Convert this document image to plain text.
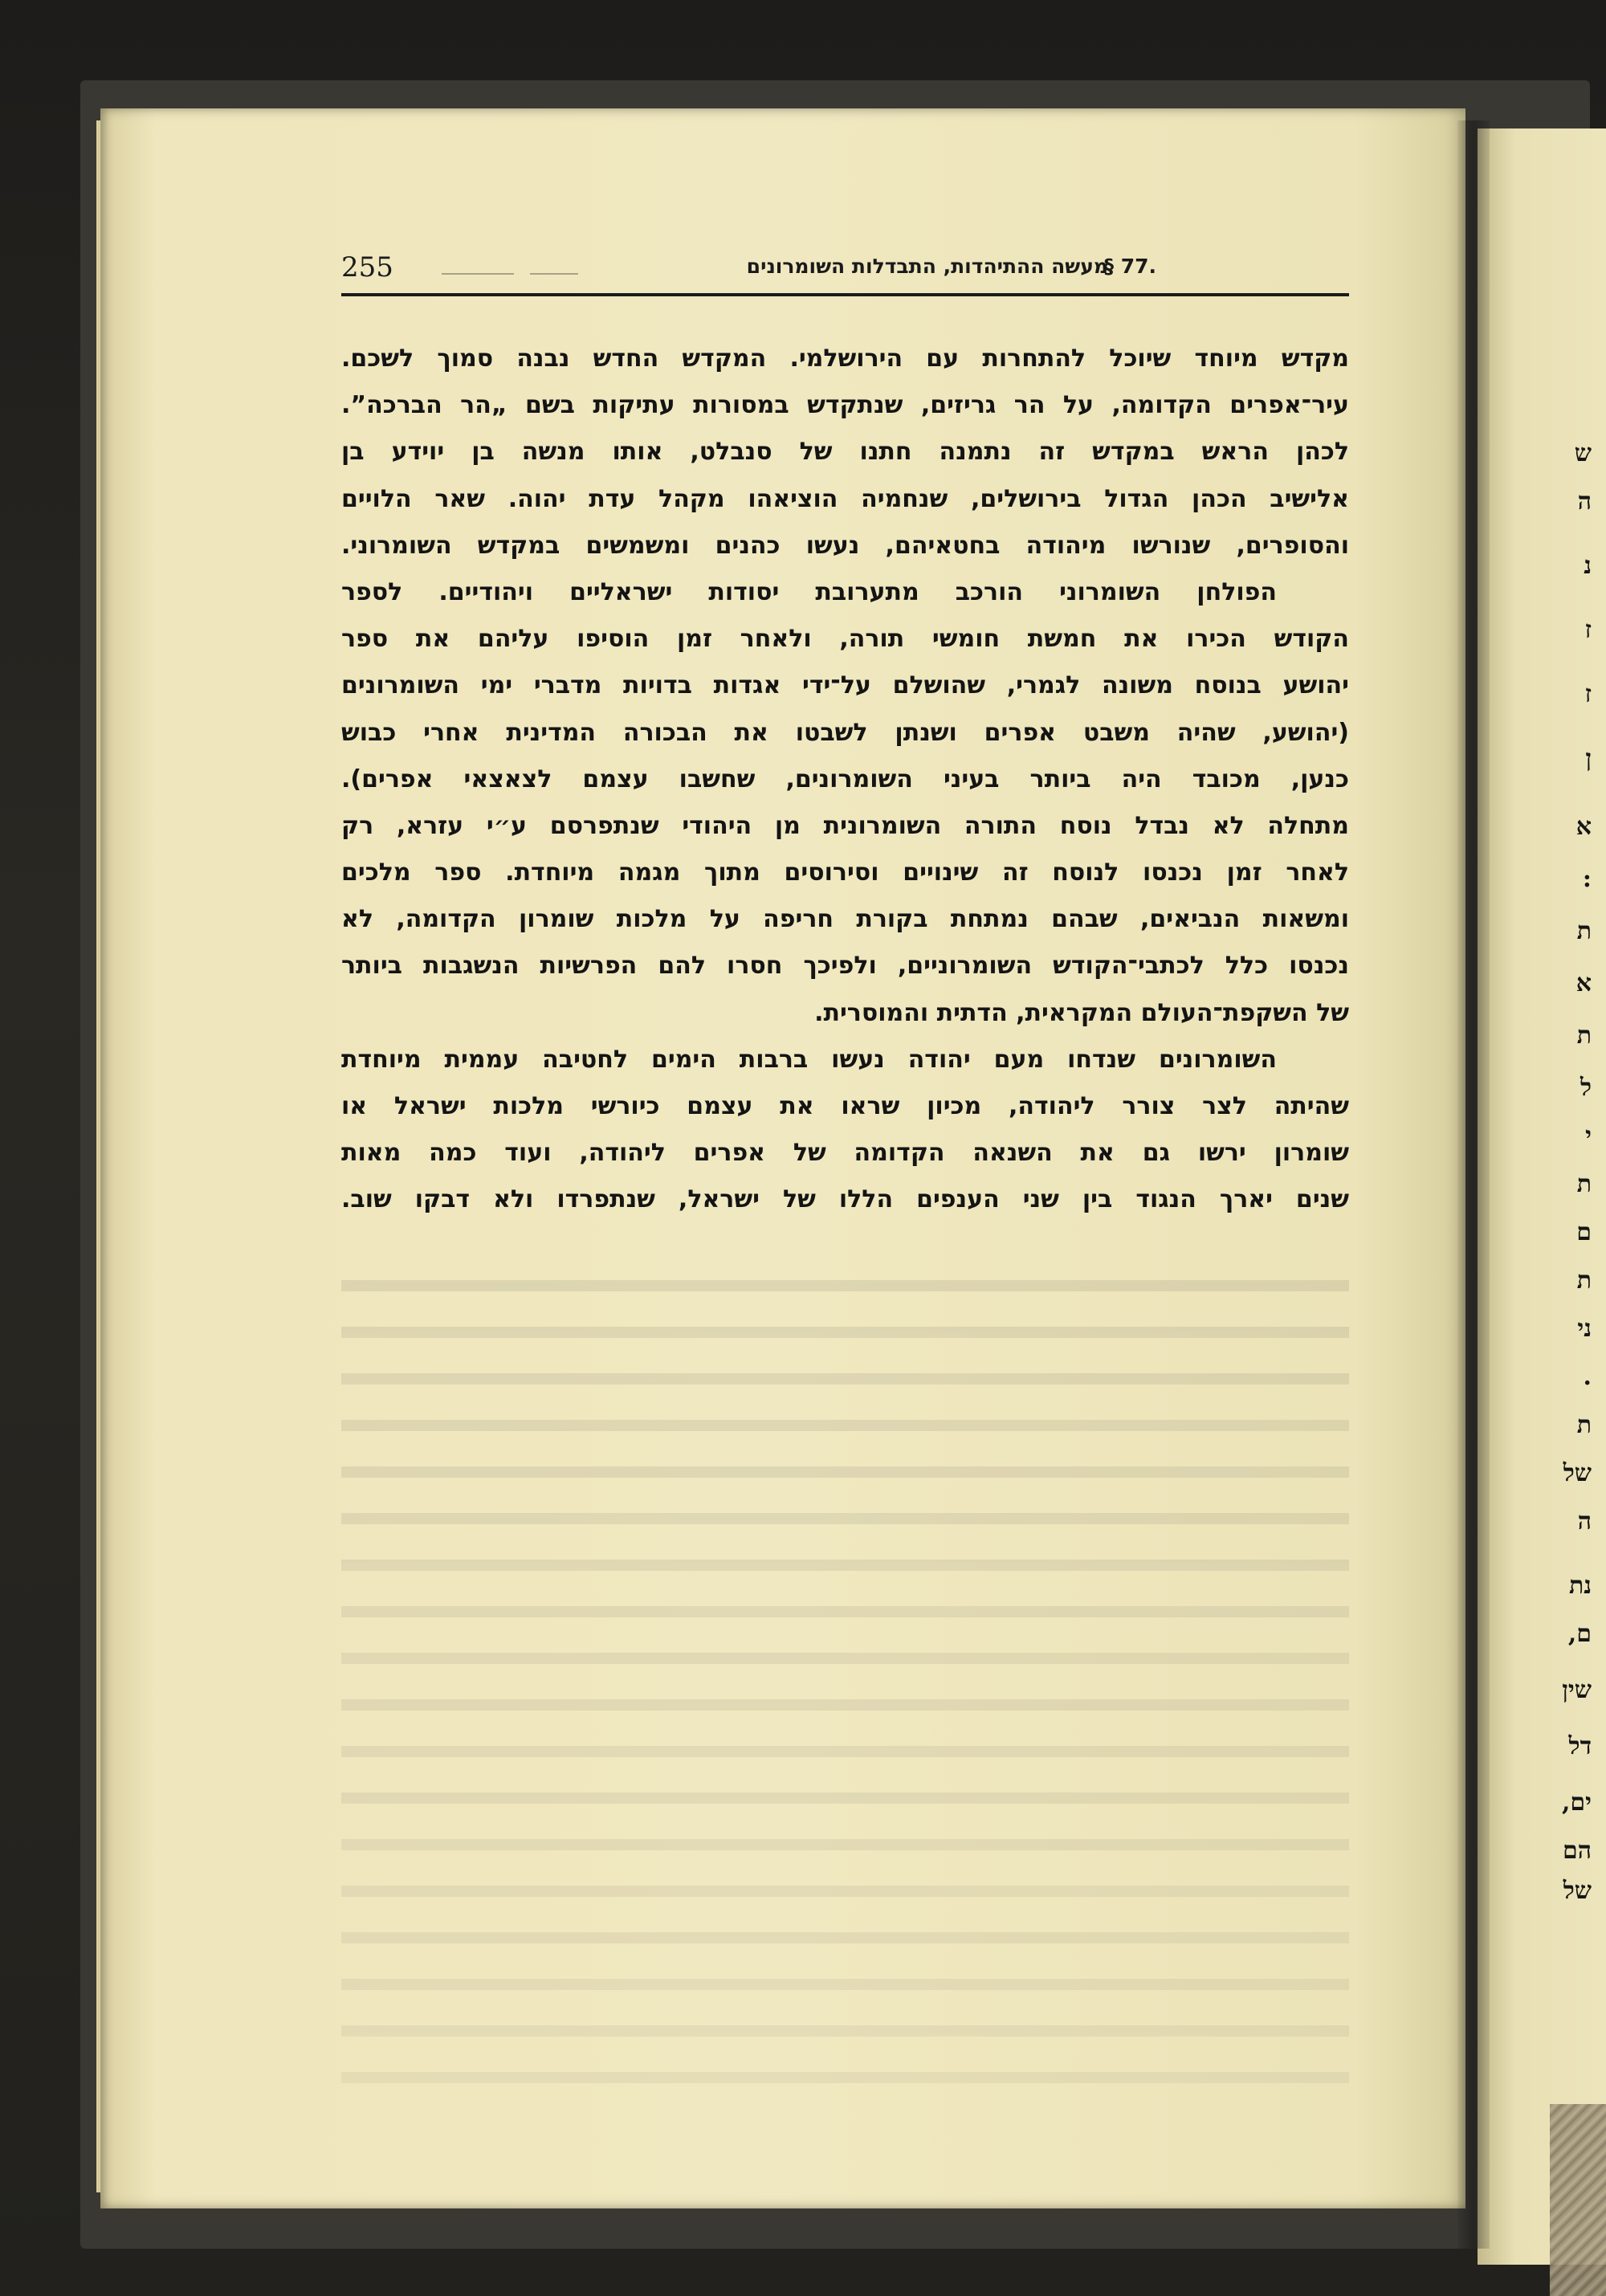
ש
ה
נ
ז
ז
ן
א
:
ת
א
ת
ל
י
ת
ם
ת
ני
.
ת
של
ה
נת
ם,
שין
דל
ים,
הם
של
255	מעשה ההתיהדות, התבדלות השומרונים
§ 77.
מקדש מיוחד שיוכל להתחרות עם הירושלמי. המקדש החדש נבנה סמוך לשכם.
עיר־אפרים הקדומה, על הר גריזים, שנתקדש במסורות עתיקות בשם „הר הברכה”.
לכהן הראש במקדש זה נתמנה חתנו של סנבלט, אותו מנשה בן יוידע בן
אלישיב הכהן הגדול בירושלים, שנחמיה הוציאהו מקהל עדת יהוה. שאר הלויים
והסופרים, שנורשו מיהודה בחטאיהם, נעשו כהנים ומשמשים במקדש השומרוני.
הפולחן השומרוני הורכב מתערובת יסודות ישראליים ויהודיים. לספר
הקודש הכירו את חמשת חומשי תורה, ולאחר זמן הוסיפו עליהם את ספר
יהושע בנוסח משונה לגמרי, שהושלם על־ידי אגדות בדויות מדברי ימי השומרונים
(יהושע, שהיה משבט אפרים ושנתן לשבטו את הבכורה המדינית אחרי כבוש
כנען, מכובד היה ביותר בעיני השומרונים, שחשבו עצמם לצאצאי אפרים).
מתחלה לא נבדל נוסח התורה השומרונית מן היהודי שנתפרסם ע״י עזרא, רק
לאחר זמן נכנסו לנוסח זה שינויים וסירוסים מתוך מגמה מיוחדת. ספר מלכים
ומשאות הנביאים, שבהם נמתחת בקורת חריפה על מלכות שומרון הקדומה, לא
נכנסו כלל לכתבי־הקודש השומרוניים, ולפיכך חסרו להם הפרשיות הנשגבות ביותר
של השקפת־העולם המקראית, הדתית והמוסרית.
השומרונים שנדחו מעם יהודה נעשו ברבות הימים לחטיבה עממית מיוחדת
שהיתה לצר צורר ליהודה, מכיון שראו את עצמם כיורשי מלכות ישראל או
שומרון ירשו גם את השנאה הקדומה של אפרים ליהודה, ועוד כמה מאות
שנים יארך הנגוד בין שני הענפים הללו של ישראל, שנתפרדו ולא דבקו שוב.
